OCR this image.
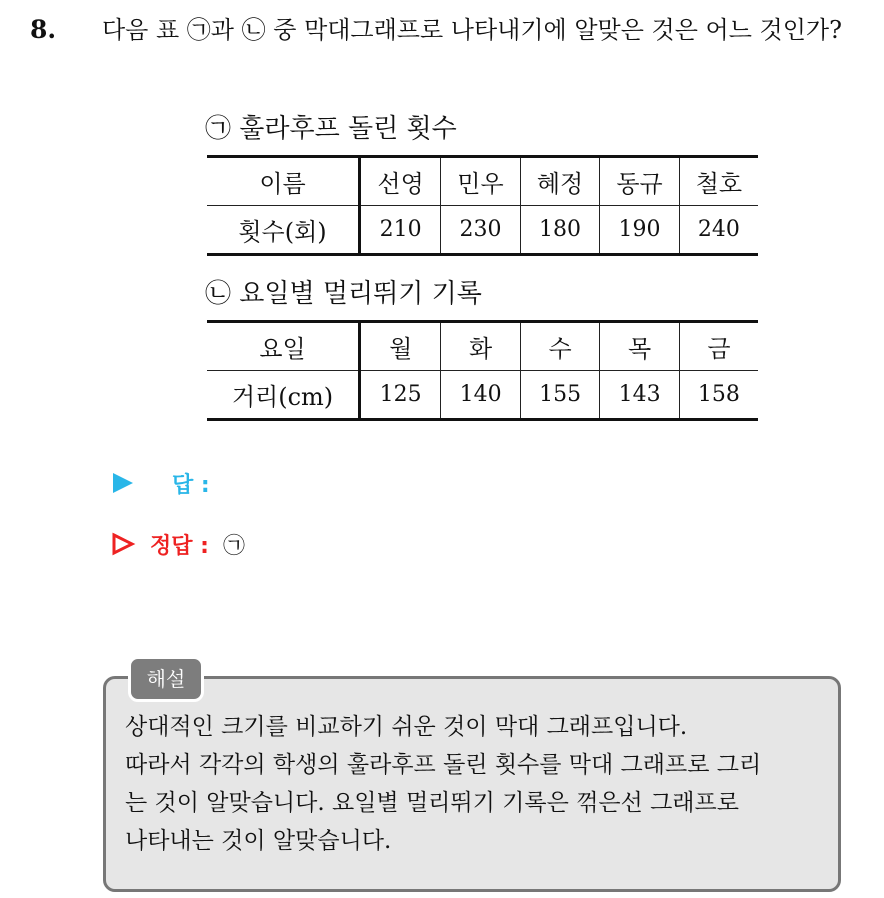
8. 다음 표 ㉠과 ㉡ 중 막대그래프로 나타내기에 알맞은 것은 어느 것인가?
㉠ 훌라후프 돌린 횟수
이름	선영	민우	혜정	동규	철호
횟수(회)	210	230	180	190	240
㉡ 요일별 멀리뛰기 기록
요일	월	화	수	목	금
거리(cm)	125	140	155	143	158
답 :
정답 : ㉠
해설
상대적인 크기를 비교하기 쉬운 것이 막대 그래프입니다.
따라서 각각의 학생의 훌라후프 돌린 횟수를 막대 그래프로 그리
는 것이 알맞습니다. 요일별 멀리뛰기 기록은 꺾은선 그래프로
나타내는 것이 알맞습니다.
